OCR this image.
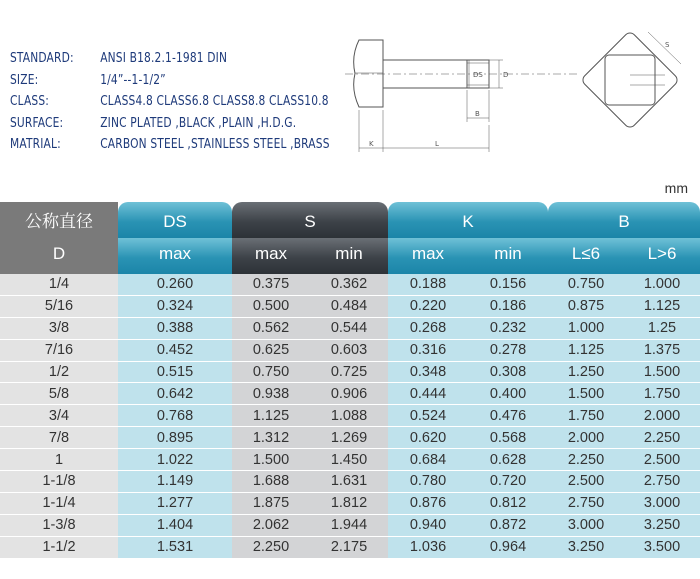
STANDARD:	ANSI B18.2.1-1981 DIN
SIZE:	1/4”--1-1/2”
CLASS:	CLASS4.8 CLASS6.8 CLASS8.8 CLASS10.8
SURFACE:	ZINC PLATED ,BLACK ,PLAIN ,H.D.G.
MATRIAL:	CARBON STEEL ,STAINLESS STEEL ,BRASS
DS	D
B
K	L
S
mm
公称直径	DS	S		K		B	

D	max	max	min	max	min	L≤6	L>6

1/4	0.260	0.375	0.362	0.188	0.156	0.750	1.000
5/16	0.324	0.500	0.484	0.220	0.186	0.875	1.125
3/8	0.388	0.562	0.544	0.268	0.232	1.000	1.25
7/16	0.452	0.625	0.603	0.316	0.278	1.125	1.375
1/2	0.515	0.750	0.725	0.348	0.308	1.250	1.500
5/8	0.642	0.938	0.906	0.444	0.400	1.500	1.750
3/4	0.768	1.125	1.088	0.524	0.476	1.750	2.000
7/8	0.895	1.312	1.269	0.620	0.568	2.000	2.250
1	1.022	1.500	1.450	0.684	0.628	2.250	2.500
1-1/8	1.149	1.688	1.631	0.780	0.720	2.500	2.750
1-1/4	1.277	1.875	1.812	0.876	0.812	2.750	3.000
1-3/8	1.404	2.062	1.944	0.940	0.872	3.000	3.250
1-1/2	1.531	2.250	2.175	1.036	0.964	3.250	3.500
